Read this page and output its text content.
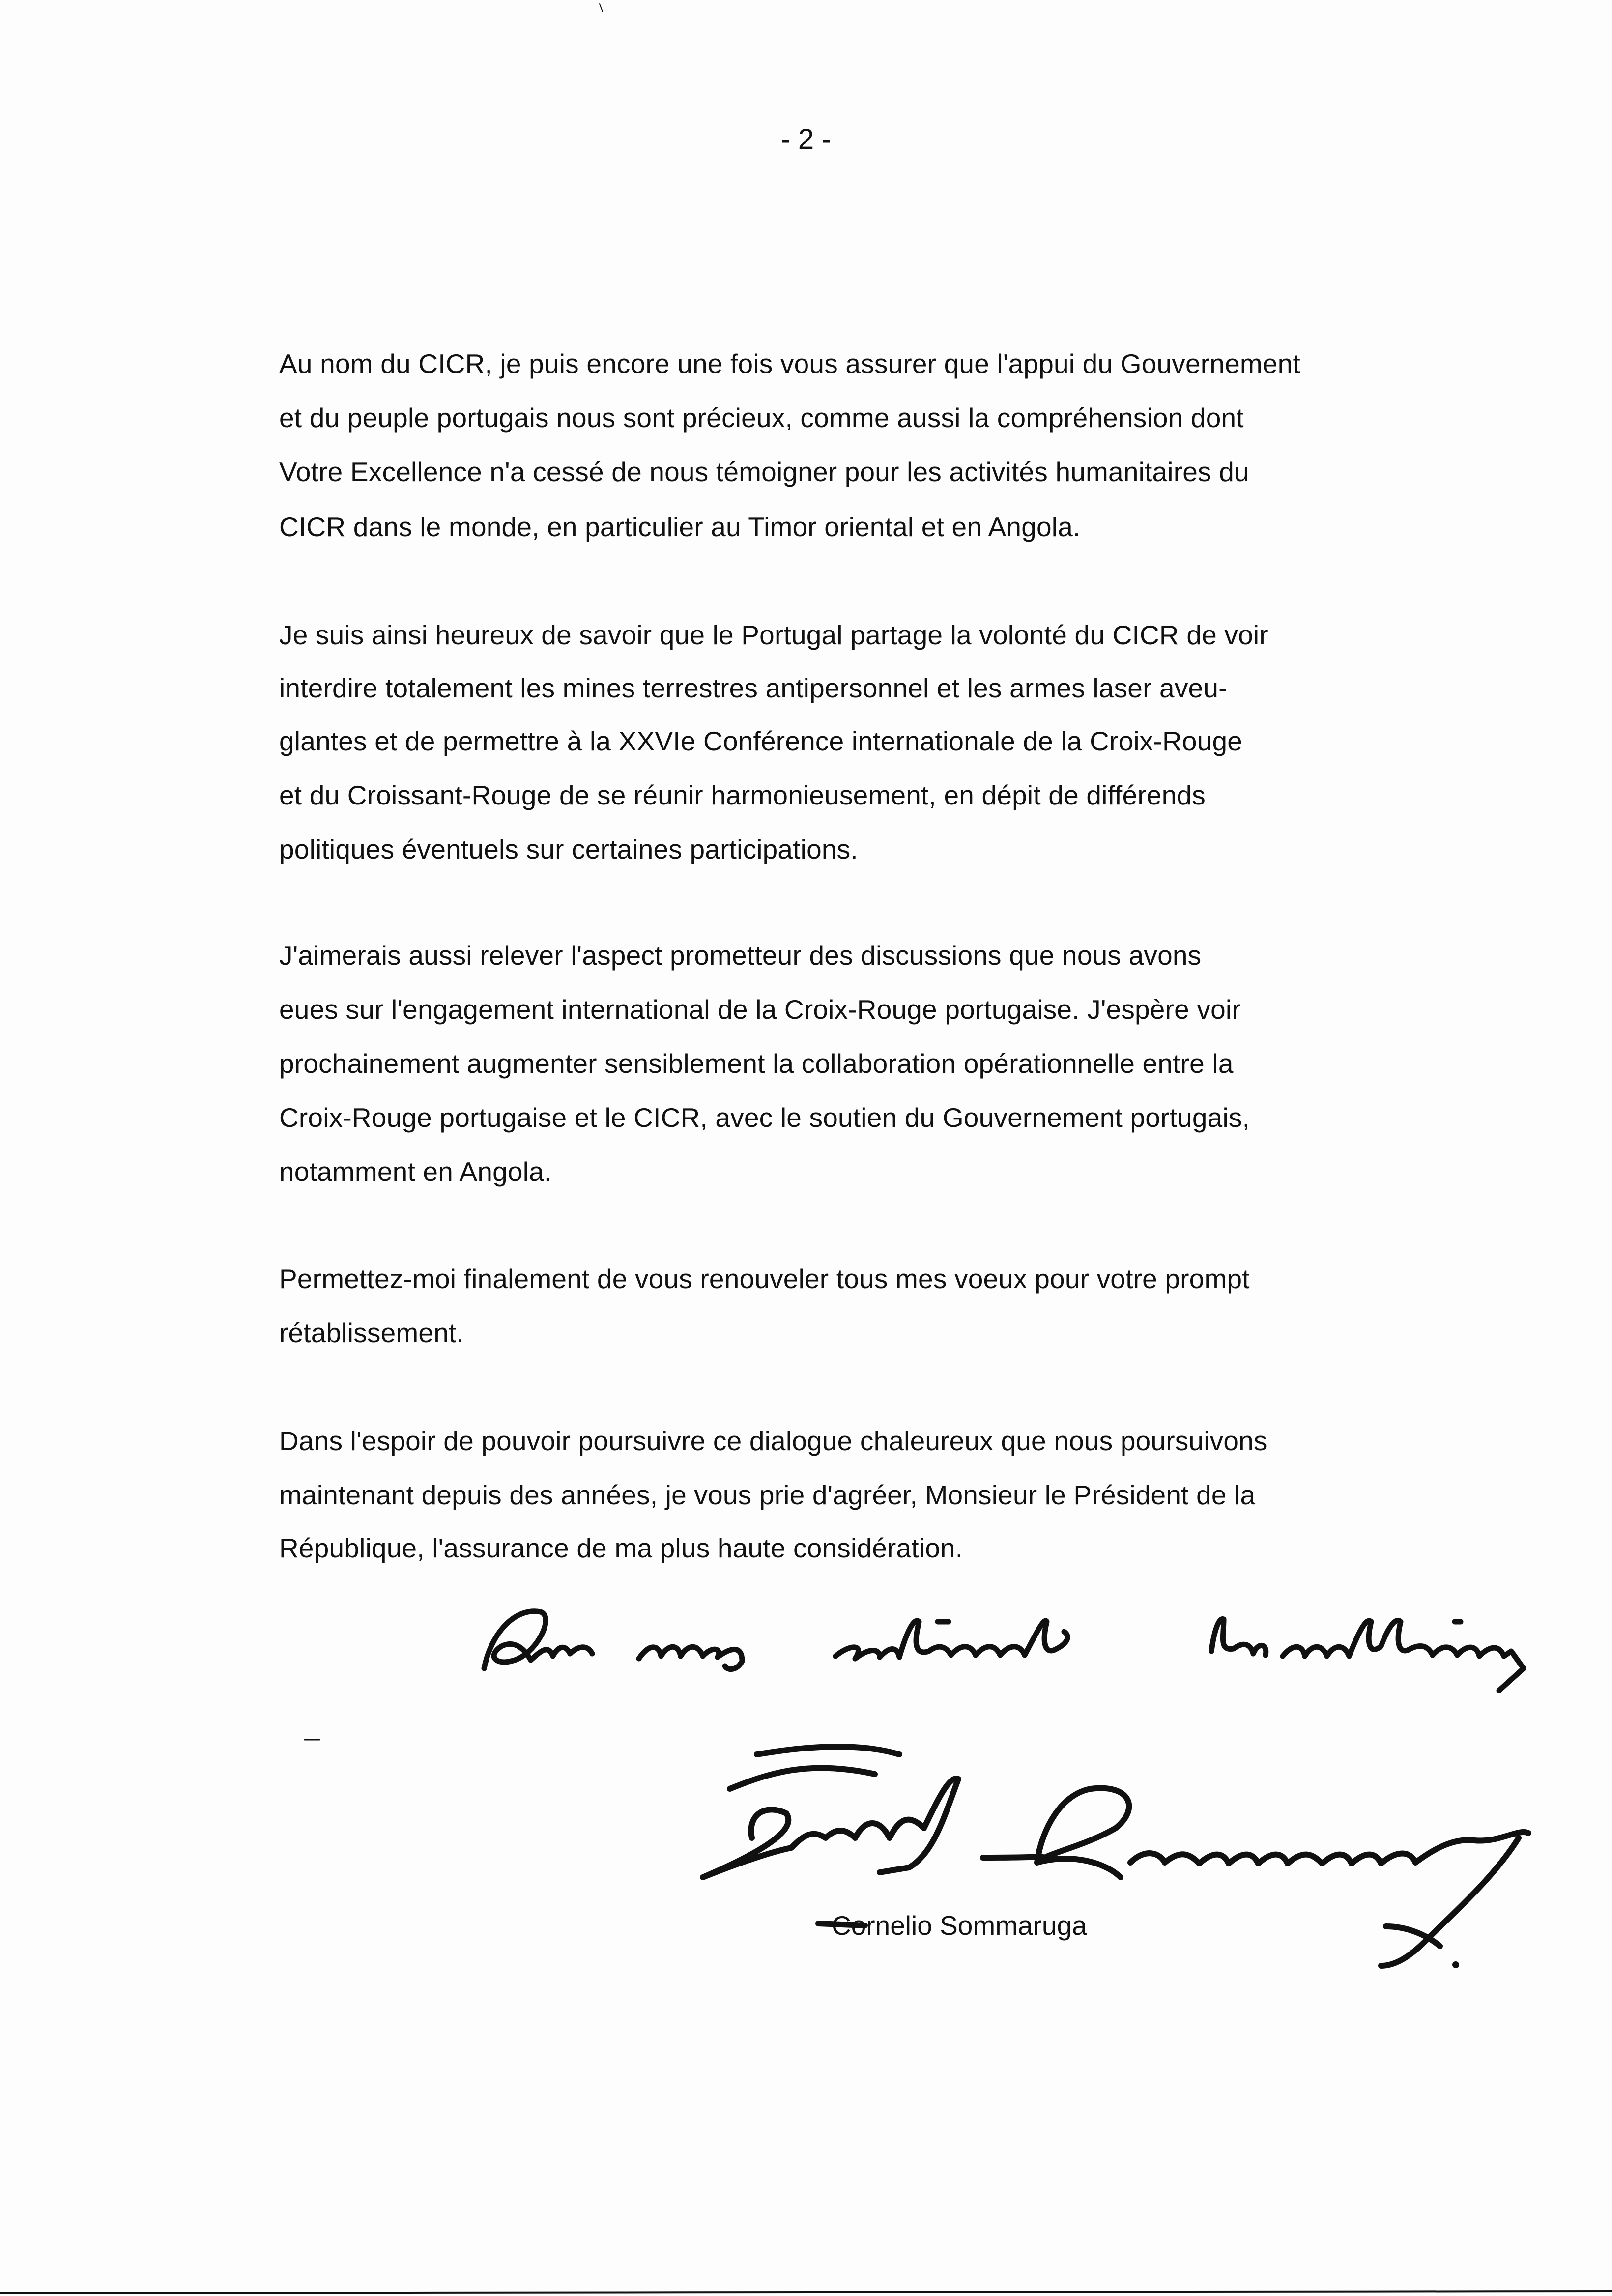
- 2 -
Au nom du CICR, je puis encore une fois vous assurer que l'appui du Gouvernement
et du peuple portugais nous sont précieux, comme aussi la compréhension dont
Votre Excellence n'a cessé de nous témoigner pour les activités humanitaires du
CICR dans le monde, en particulier au Timor oriental et en Angola.
Je suis ainsi heureux de savoir que le Portugal partage la volonté du CICR de voir
interdire totalement les mines terrestres antipersonnel et les armes laser aveu-
glantes et de permettre à la XXVIe Conférence internationale de la Croix-Rouge
et du Croissant-Rouge de se réunir harmonieusement, en dépit de différends
politiques éventuels sur certaines participations.
J'aimerais aussi relever l'aspect prometteur des discussions que nous avons
eues sur l'engagement international de la Croix-Rouge portugaise. J'espère voir
prochainement augmenter sensiblement la collaboration opérationnelle entre la
Croix-Rouge portugaise et le CICR, avec le soutien du Gouvernement portugais,
notamment en Angola.
Permettez-moi finalement de vous renouveler tous mes voeux pour votre prompt
rétablissement.
Dans l'espoir de pouvoir poursuivre ce dialogue chaleureux que nous poursuivons
maintenant depuis des années, je vous prie d'agréer, Monsieur le Président de la
République, l'assurance de ma plus haute considération.
Cornelio Sommaruga
